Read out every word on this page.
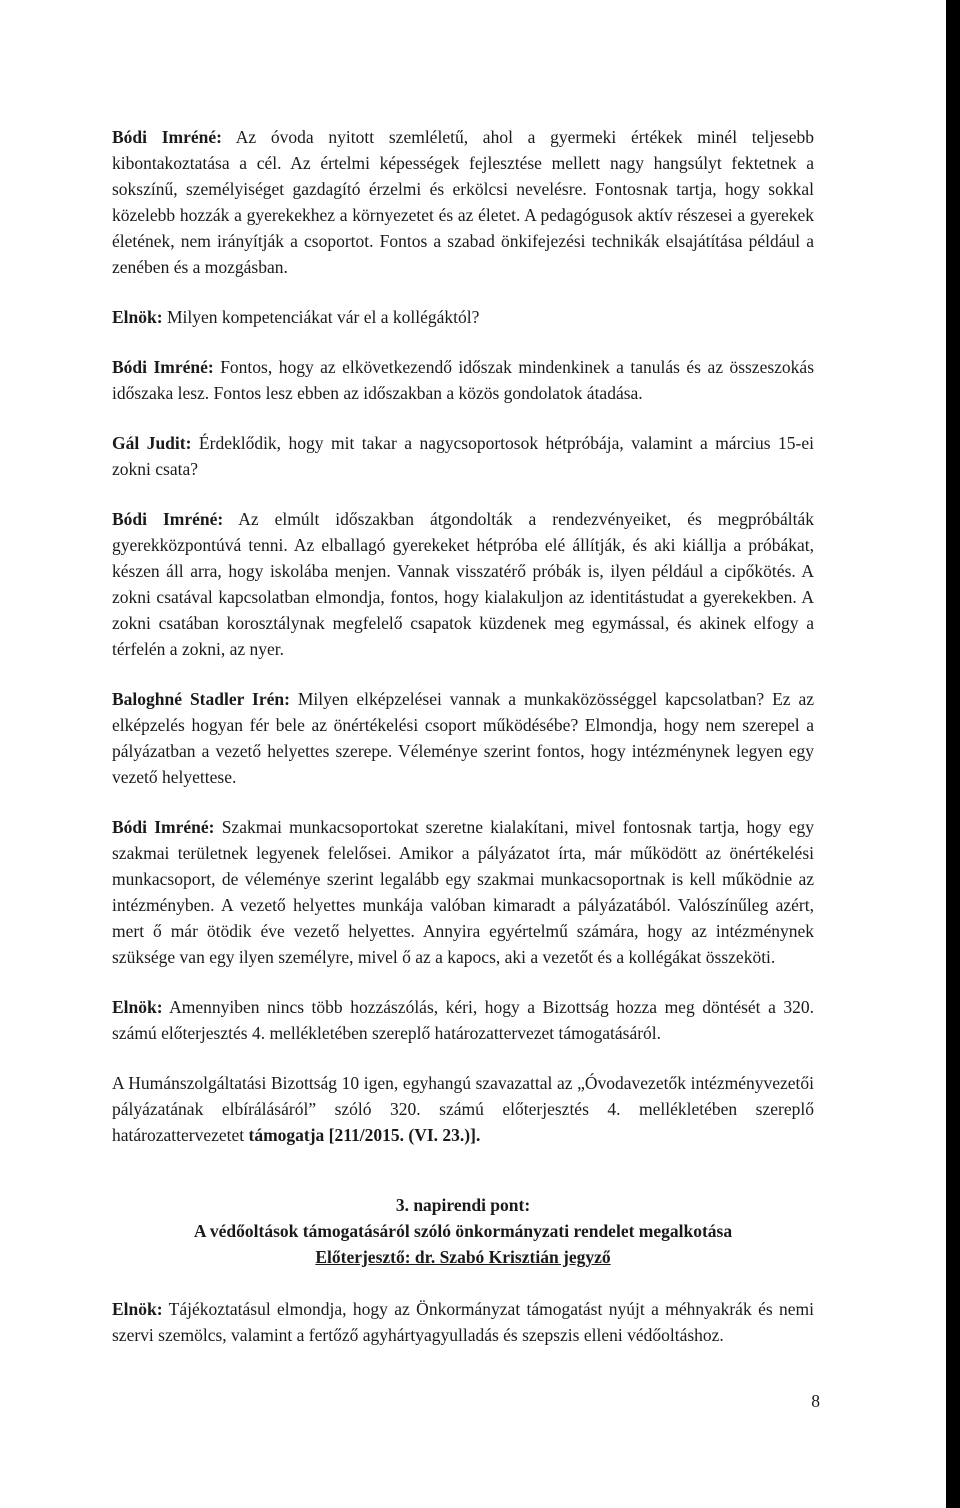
Bódi Imréné: Az óvoda nyitott szemléletű, ahol a gyermeki értékek minél teljesebb kibontakoztatása a cél. Az értelmi képességek fejlesztése mellett nagy hangsúlyt fektetnek a sokszínű, személyiséget gazdagító érzelmi és erkölcsi nevelésre. Fontosnak tartja, hogy sokkal közelebb hozzák a gyerekekhez a környezetet és az életet. A pedagógusok aktív részesei a gyerekek életének, nem irányítják a csoportot. Fontos a szabad önkifejezési technikák elsajátítása például a zenében és a mozgásban.

Elnök: Milyen kompetenciákat vár el a kollégáktól?

Bódi Imréné: Fontos, hogy az elkövetkezendő időszak mindenkinek a tanulás és az összeszokás időszaka lesz. Fontos lesz ebben az időszakban a közös gondolatok átadása.

Gál Judit: Érdeklődik, hogy mit takar a nagycsoportosok hétpróbája, valamint a március 15-ei zokni csata?

Bódi Imréné: Az elmúlt időszakban átgondolták a rendezvényeiket, és megpróbálták gyerekközpontúvá tenni. Az elballagó gyerekeket hétpróba elé állítják, és aki kiállja a próbákat, készen áll arra, hogy iskolába menjen. Vannak visszatérő próbák is, ilyen például a cipőkötés. A zokni csatával kapcsolatban elmondja, fontos, hogy kialakuljon az identitástudat a gyerekekben. A zokni csatában korosztálynak megfelelő csapatok küzdenek meg egymással, és akinek elfogy a térfelén a zokni, az nyer.

Baloghné Stadler Irén: Milyen elképzelései vannak a munkaközösséggel kapcsolatban? Ez az elképzelés hogyan fér bele az önértékelési csoport működésébe? Elmondja, hogy nem szerepel a pályázatban a vezető helyettes szerepe. Véleménye szerint fontos, hogy intézménynek legyen egy vezető helyettese.

Bódi Imréné: Szakmai munkacsoportokat szeretne kialakítani, mivel fontosnak tartja, hogy egy szakmai területnek legyenek felelősei. Amikor a pályázatot írta, már működött az önértékelési munkacsoport, de véleménye szerint legalább egy szakmai munkacsoportnak is kell működnie az intézményben. A vezető helyettes munkája valóban kimaradt a pályázatából. Valószínűleg azért, mert ő már ötödik éve vezető helyettes. Annyira egyértelmű számára, hogy az intézménynek szüksége van egy ilyen személyre, mivel ő az a kapocs, aki a vezetőt és a kollégákat összeköti.

Elnök: Amennyiben nincs több hozzászólás, kéri, hogy a Bizottság hozza meg döntését a 320. számú előterjesztés 4. mellékletében szereplő határozattervezet támogatásáról.

A Humánszolgáltatási Bizottság 10 igen, egyhangú szavazattal az „Óvodavezetők intézményvezetői pályázatának elbírálásáról” szóló 320. számú előterjesztés 4. mellékletében szereplő határozattervezetet támogatja [211/2015. (VI. 23.)].

3. napirendi pont:
A védőoltások támogatásáról szóló önkormányzati rendelet megalkotása
Előterjesztő: dr. Szabó Krisztián jegyző

Elnök: Tájékoztatásul elmondja, hogy az Önkormányzat támogatást nyújt a méhnyakrák és nemi szervi szemölcs, valamint a fertőző agyhártyagyulladás és szepszis elleni védőoltáshoz.

8
